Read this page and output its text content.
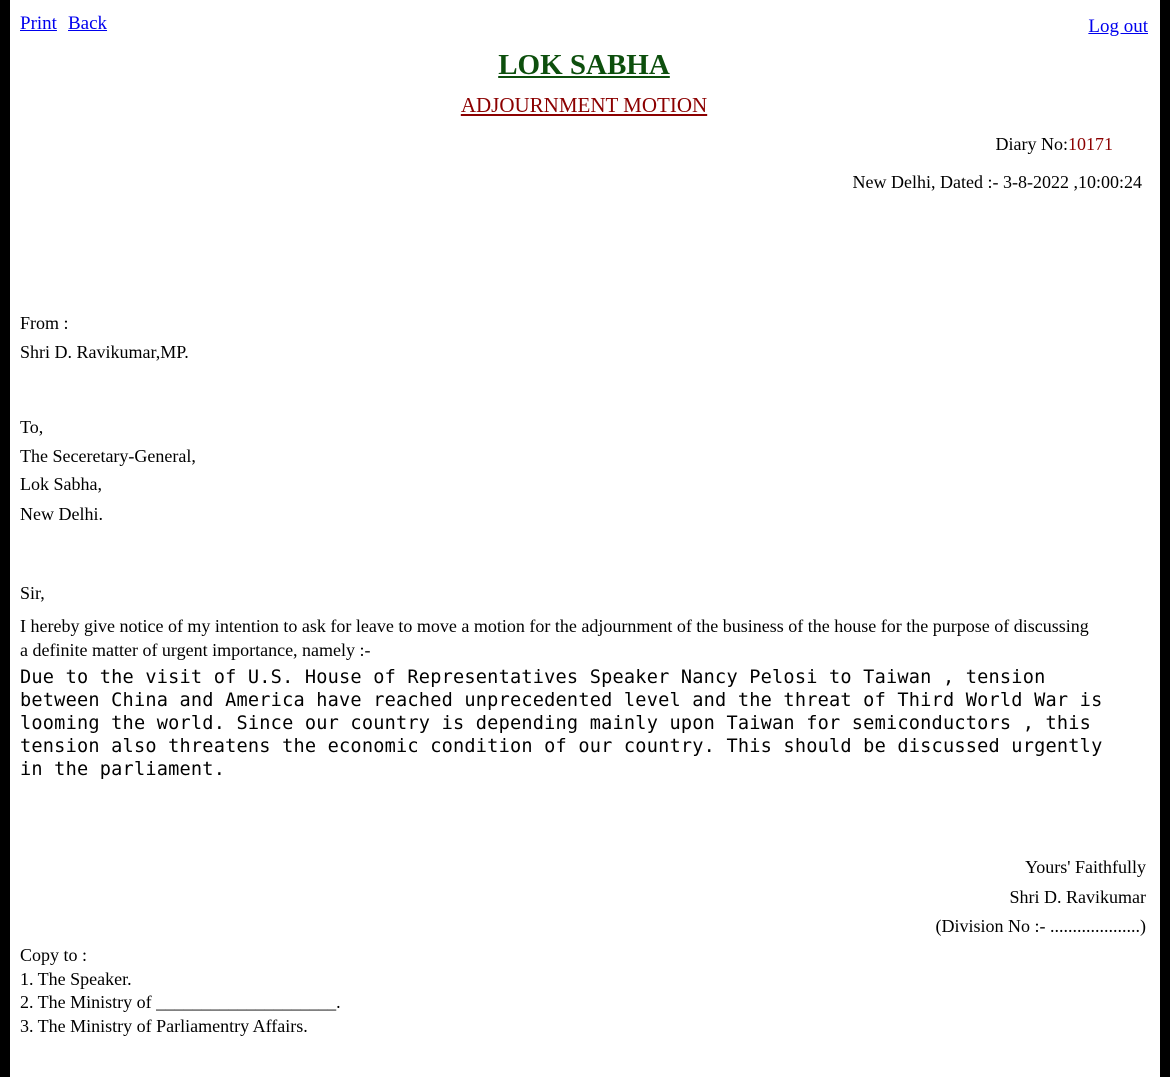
Print Back	Log out
LOK SABHA
ADJOURNMENT MOTION
Diary No:10171
New Delhi, Dated :- 3-8-2022 ,10:00:24
From :
Shri D. Ravikumar,MP.
To,
The Seceretary-General,
Lok Sabha,
New Delhi.
Sir,
I hereby give notice of my intention to ask for leave to move a motion for the adjournment of the business of the house for the purpose of discussing a definite matter of urgent importance, namely :-
Due to the visit of U.S. House of Representatives Speaker Nancy Pelosi to Taiwan , tension between China and America have reached unprecedented level and the threat of Third World War is looming the world. Since our country is depending mainly upon Taiwan for semiconductors , this tension also threatens the economic condition of our country. This should be discussed urgently in the parliament.
Yours' Faithfully
Shri D. Ravikumar
(Division No :- ....................)
Copy to :
1. The Speaker.
2. The Ministry of ____________________.
3. The Ministry of Parliamentry Affairs.
